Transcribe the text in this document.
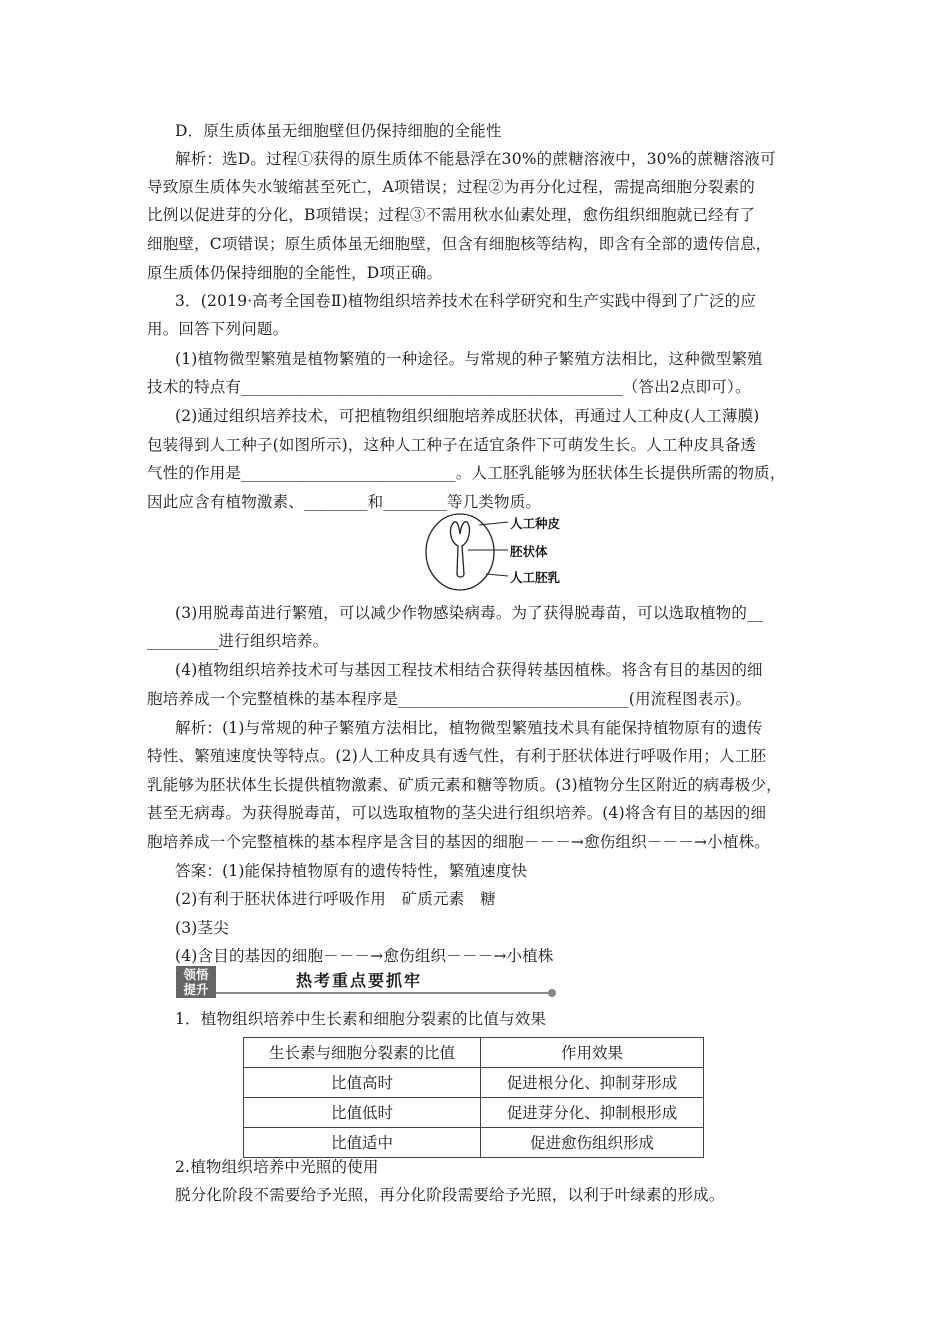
D．原生质体虽无细胞壁但仍保持细胞的全能性
解析：选D。过程①获得的原生质体不能悬浮在30%的蔗糖溶液中，30%的蔗糖溶液可
导致原生质体失水皱缩甚至死亡，A项错误；过程②为再分化过程，需提高细胞分裂素的
比例以促进芽的分化，B项错误；过程③不需用秋水仙素处理，愈伤组织细胞就已经有了
细胞壁，C项错误；原生质体虽无细胞壁，但含有细胞核等结构，即含有全部的遗传信息，
原生质体仍保持细胞的全能性，D项正确。
3．(2019·高考全国卷Ⅱ)植物组织培养技术在科学研究和生产实践中得到了广泛的应
用。回答下列问题。
(1)植物微型繁殖是植物繁殖的一种途径。与常规的种子繁殖方法相比，这种微型繁殖
技术的特点有________________________________________________（答出2点即可）。
(2)通过组织培养技术，可把植物组织细胞培养成胚状体，再通过人工种皮(人工薄膜)
包装得到人工种子(如图所示)，这种人工种子在适宜条件下可萌发生长。人工种皮具备透
气性的作用是___________________________。人工胚乳能够为胚状体生长提供所需的物质，
因此应含有植物激素、________和________等几类物质。
人工种皮
胚状体
人工胚乳
(3)用脱毒苗进行繁殖，可以减少作物感染病毒。为了获得脱毒苗，可以选取植物的__
_________进行组织培养。
(4)植物组织培养技术可与基因工程技术相结合获得转基因植株。将含有目的基因的细
胞培养成一个完整植株的基本程序是_____________________________(用流程图表示)。
解析：(1)与常规的种子繁殖方法相比，植物微型繁殖技术具有能保持植物原有的遗传
特性、繁殖速度快等特点。(2)人工种皮具有透气性，有利于胚状体进行呼吸作用；人工胚
乳能够为胚状体生长提供植物激素、矿质元素和糖等物质。(3)植物分生区附近的病毒极少，
甚至无病毒。为获得脱毒苗，可以选取植物的茎尖进行组织培养。(4)将含有目的基因的细
胞培养成一个完整植株的基本程序是含目的基因的细胞－－－→愈伤组织－－－→小植株。
答案：(1)能保持植物原有的遗传特性，繁殖速度快
(2)有利于胚状体进行呼吸作用　矿质元素　糖
(3)茎尖
(4)含目的基因的细胞－－－→愈伤组织－－－→小植株
领悟
提升	热考重点要抓牢
1．植物组织培养中生长素和细胞分裂素的比值与效果
生长素与细胞分裂素的比值	作用效果
比值高时	促进根分化、抑制芽形成
比值低时	促进芽分化、抑制根形成
比值适中	促进愈伤组织形成
2.植物组织培养中光照的使用
脱分化阶段不需要给予光照，再分化阶段需要给予光照，以利于叶绿素的形成。
